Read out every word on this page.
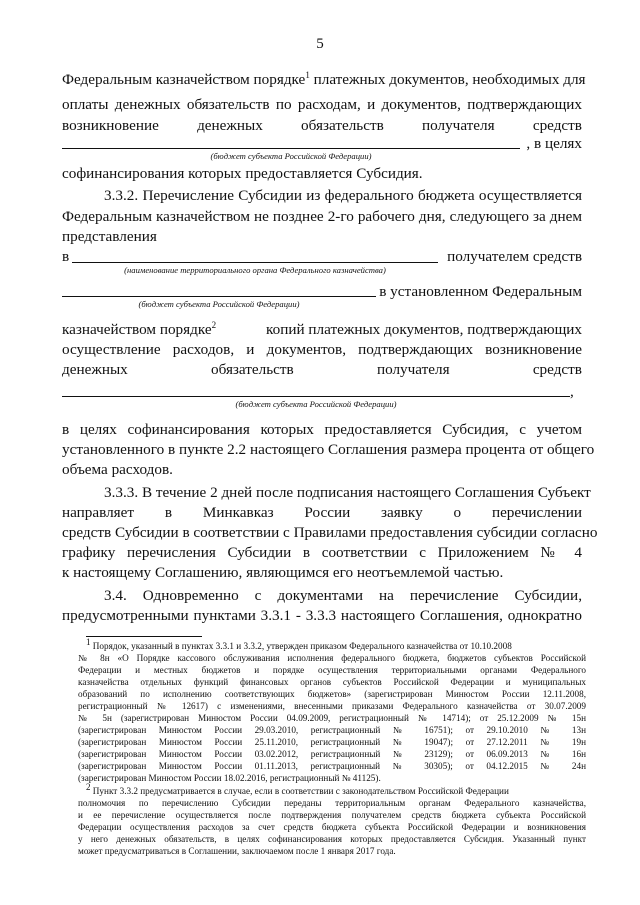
5
Федеральным казначейством порядке$^1$ платежных документов, необходимых для
оплаты денежных обязательств по расходам, и документов, подтверждающих
возникновение	денежных	обязательств	получателя	средств
, в целях
(бюджет субъекта Российской Федерации)
софинансирования которых предоставляется Субсидия.
3.3.2. Перечисление Субсидии из федерального бюджета осуществляется
Федеральным казначейством не позднее 2-го рабочего дня, следующего за днем
представления
в	получателем средств
(наименование территориального органа Федерального казначейства)
в установленном Федеральным
(бюджет субъекта Российской Федерации)
казначейством порядке$^2$	копий платежных документов, подтверждающих
осуществление расходов, и документов, подтверждающих возникновение
денежных	обязательств	получателя	средств
,
(бюджет субъекта Российской Федерации)
в целях софинансирования которых предоставляется Субсидия, с учетом
установленного в пункте 2.2 настоящего Соглашения размера процента от общего
объема расходов.
3.3.3. В течение 2 дней после подписания настоящего Соглашения Субъект
направляет в Минкавказ России заявку о перечислении
средств Субсидии в соответствии с Правилами предоставления субсидии согласно
графику перечисления Субсидии в соответствии с Приложением № 4
к настоящему Соглашению, являющимся его неотъемлемой частью.
3.4. Одновременно с документами на перечисление Субсидии,
предусмотренными пунктами 3.3.1 - 3.3.3 настоящего Соглашения, однократно
$^1$ Порядок, указанный в пунктах 3.3.1 и 3.3.2, утвержден приказом Федерального казначейства от 10.10.2008
№ 8н «О Порядке кассового обслуживания исполнения федерального бюджета, бюджетов субъектов Российской
Федерации и местных бюджетов и порядке осуществления территориальными органами Федерального
казначейства отдельных функций финансовых органов субъектов Российской Федерации и муниципальных
образований по исполнению соответствующих бюджетов» (зарегистрирован Минюстом России 12.11.2008,
регистрационный № 12617) с изменениями, внесенными приказами Федерального казначейства от 30.07.2009
№ 5н (зарегистрирован Минюстом России 04.09.2009, регистрационный № 14714); от 25.12.2009 № 15н
(зарегистрирован Минюстом России 29.03.2010, регистрационный № 16751); от 29.10.2010 № 13н
(зарегистрирован Минюстом России 25.11.2010, регистрационный № 19047); от 27.12.2011 № 19н
(зарегистрирован Минюстом России 03.02.2012, регистрационный № 23129); от 06.09.2013 № 16н
(зарегистрирован Минюстом России 01.11.2013, регистрационный № 30305); от 04.12.2015 № 24н
(зарегистрирован Минюстом России 18.02.2016, регистрационный № 41125).
$^2$ Пункт 3.3.2 предусматривается в случае, если в соответствии с законодательством Российской Федерации
полномочия по перечислению Субсидии переданы территориальным органам Федерального казначейства,
и ее перечисление осуществляется после подтверждения получателем средств бюджета субъекта Российской
Федерации осуществления расходов за счет средств бюджета субъекта Российской Федерации и возникновения
у него денежных обязательств, в целях софинансирования которых предоставляется Субсидия. Указанный пункт
может предусматриваться в Соглашении, заключаемом после 1 января 2017 года.
